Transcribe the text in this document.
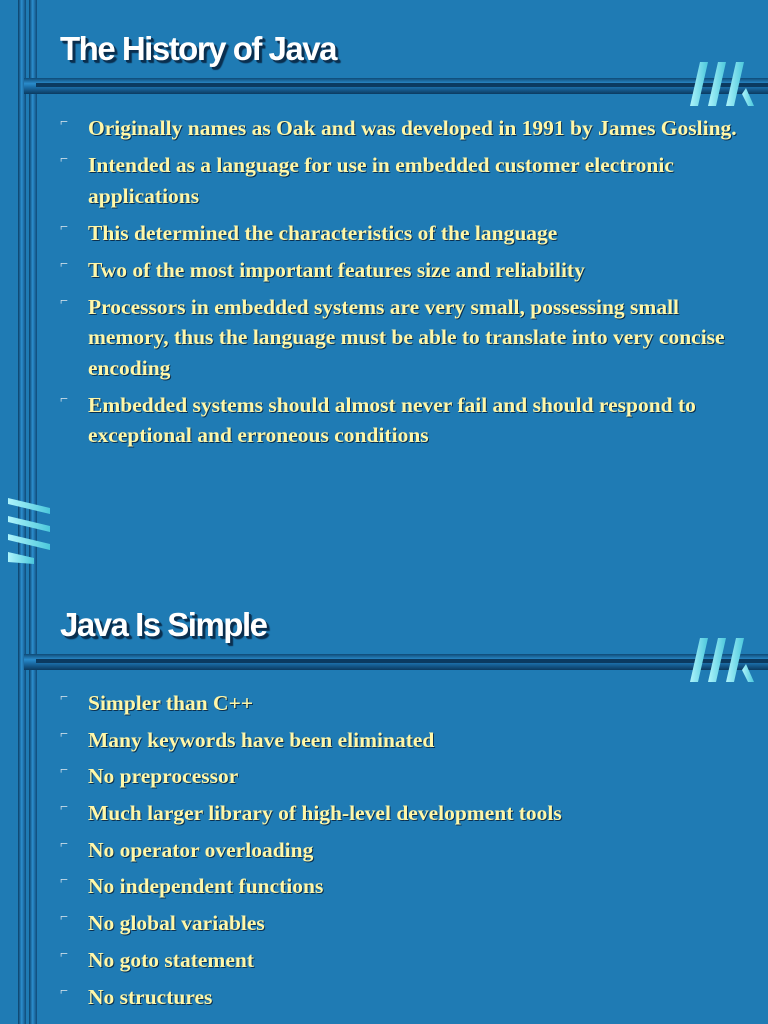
The History of Java
⌐ Originally names as Oak and was developed in 1991 by James Gosling.
⌐ Intended as a language for use in embedded customer electronic applications
⌐ This determined the characteristics of the language
⌐ Two of the most important features size and reliability
⌐ Processors in embedded systems are very small, possessing small memory, thus the language must be able to translate into very concise encoding
⌐ Embedded systems should almost never fail and should respond to exceptional and erroneous conditions
Java Is Simple
⌐ Simpler than C++
⌐ Many keywords have been eliminated
⌐ No preprocessor
⌐ Much larger library of high-level development tools
⌐ No operator overloading
⌐ No independent functions
⌐ No global variables
⌐ No goto statement
⌐ No structures
